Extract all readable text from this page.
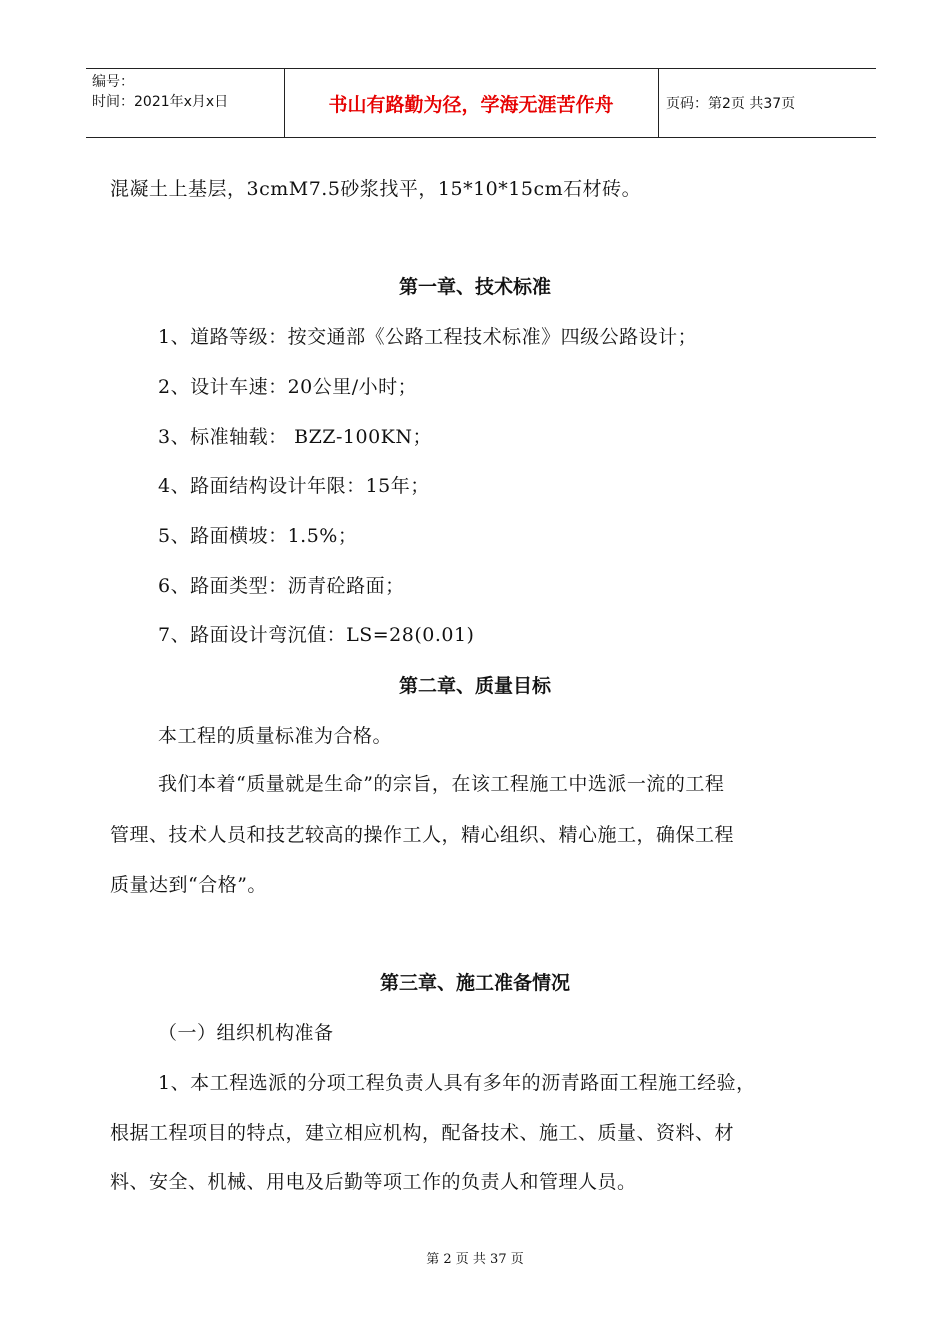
编号：
时间：2021年x月x日	书山有路勤为径，学海无涯苦作舟	页码：第2页 共37页
混凝土上基层，3cmM7.5砂浆找平，15*10*15cm石材砖。
第一章、技术标准
1、道路等级：按交通部《公路工程技术标准》四级公路设计；
2、设计车速：20公里/小时；
3、标准轴载： BZZ-100KN；
4、路面结构设计年限：15年；
5、路面横坡：1.5%；
6、路面类型：沥青砼路面；
7、路面设计弯沉值：LS=28(0.01)
第二章、质量目标
本工程的质量标准为合格。
我们本着“质量就是生命”的宗旨，在该工程施工中选派一流的工程
管理、技术人员和技艺较高的操作工人，精心组织、精心施工，确保工程
质量达到“合格”。
第三章、施工准备情况
（一）组织机构准备
1、本工程选派的分项工程负责人具有多年的沥青路面工程施工经验，
根据工程项目的特点，建立相应机构，配备技术、施工、质量、资料、材
料、安全、机械、用电及后勤等项工作的负责人和管理人员。
第 2 页 共 37 页
